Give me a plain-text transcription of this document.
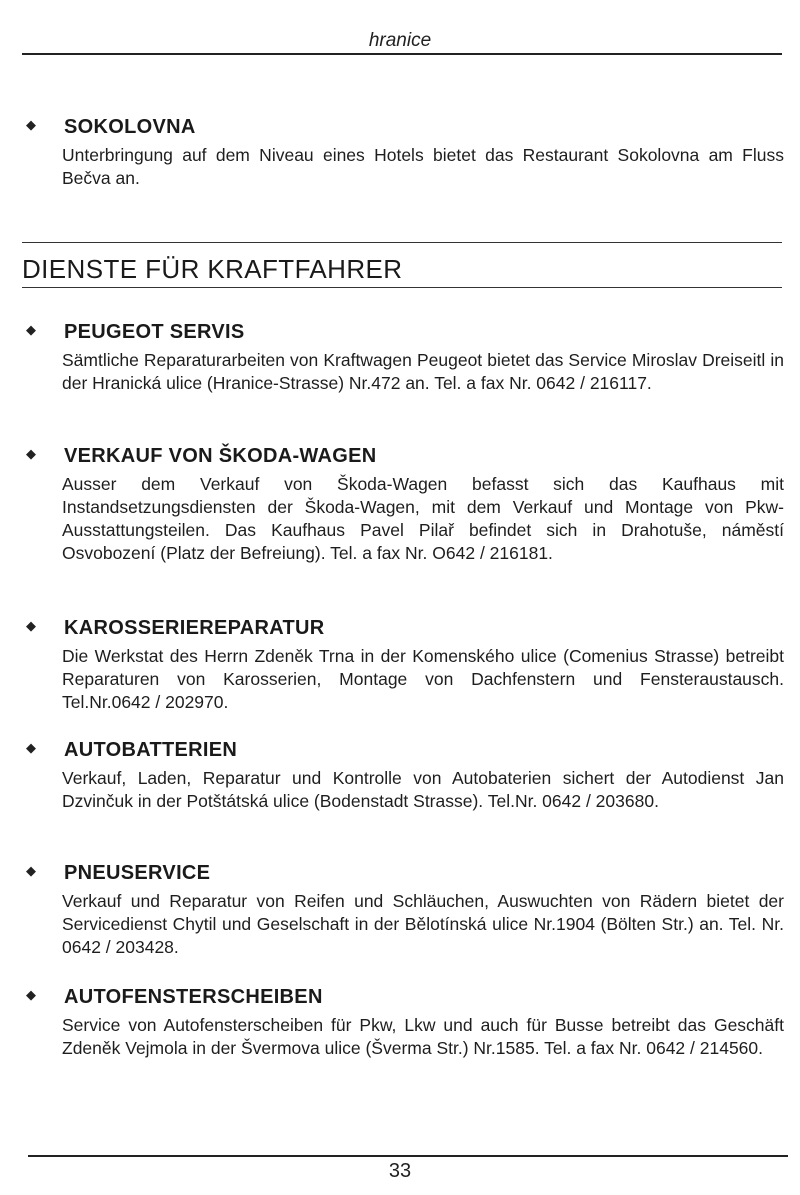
hranice
◆ SOKOLOVNA

Unterbringung auf dem Niveau eines Hotels bietet das Restaurant Sokolovna am Fluss Bečva an.

DIENSTE FÜR KRAFTFAHRER
◆ PEUGEOT SERVIS

Sämtliche Reparaturarbeiten von Kraftwagen Peugeot bietet das Service Miroslav Dreiseitl in der Hranická ulice (Hranice-Strasse) Nr.472 an. Tel. a fax Nr. 0642 / 216117.

◆ VERKAUF VON ŠKODA-WAGEN

Ausser dem Verkauf von Škoda-Wagen befasst sich das Kaufhaus mit Instandsetzungsdiensten der Škoda-Wagen, mit dem Verkauf und Montage von Pkw-Ausstattungsteilen. Das Kaufhaus Pavel Pilař befindet sich in Drahotuše, náměstí Osvobození (Platz der Befreiung). Tel. a fax Nr. O642 / 216181.

◆ KAROSSERIEREPARATUR

Die Werkstat des Herrn Zdeněk Trna in der Komenského ulice (Comenius Strasse) betreibt Reparaturen von Karosserien, Montage von Dachfenstern und Fensteraustausch. Tel.Nr.0642 / 202970.

◆ AUTOBATTERIEN

Verkauf, Laden, Reparatur und Kontrolle von Autobaterien sichert der Autodienst Jan Dzvinčuk in der Potštátská ulice (Bodenstadt Strasse). Tel.Nr. 0642 / 203680.

◆ PNEUSERVICE

Verkauf und Reparatur von Reifen und Schläuchen, Auswuchten von Rädern bietet der Servicedienst Chytil und Geselschaft in der Bělotínská ulice Nr.1904 (Bölten Str.) an. Tel. Nr. 0642 / 203428.

◆ AUTOFENSTERSCHEIBEN

Service von Autofensterscheiben für Pkw, Lkw und auch für Busse betreibt das Geschäft Zdeněk Vejmola in der Švermova ulice (Šverma Str.) Nr.1585. Tel. a fax Nr. 0642 / 214560.

33
